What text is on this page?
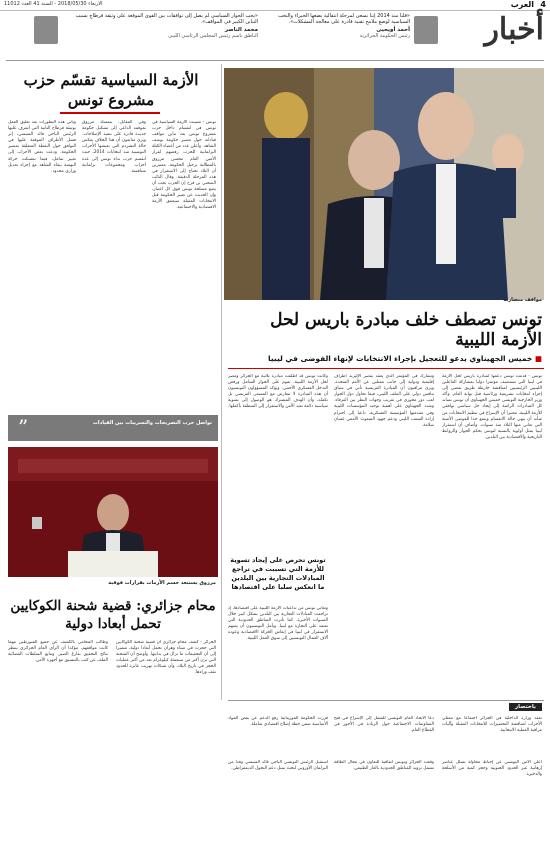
4
العرب
الاربعاء 2018/05/30 - السنة 41 العدد 11012
أخبار
«قلنا منذ 2014 إننا نسعى لمرحلة انتقالية يضعها الخبراء والنخب السياسية لوضع ملامح تقنية قادرة على معالجة المشكلات».
أحمد أويحيى
رئيس الحكومة الجزائرية
«يجب الحوار السياسي لم يصل إلى توافقات بين القوى الموقعة على وثيقة قرطاج بسبب التباين الكبير في المواقف».
محمد الناصر
الناطق باسم رئيس المجلس الرئاسي الليبي
مواقف متضاربة
تونس تصطف خلف مبادرة باريس لحل الأزمة الليبية
■ خميس الجهيناوي يدعو للتعجيل بإجراء الانتخابات لإنهاء الفوضى في ليبيا
تونس - قدمت تونس دعمها لمبادرة باريس لحل الأزمة في ليبيا التي تستضيف مؤتمرا دوليا بمشاركة الفاعلين الليبيين الرئيسيين لمناقشة خارطة طريق تفضي إلى إجراء انتخابات تشريعية ورئاسية قبل نهاية العام. وأكد وزير الخارجية التونسي خميس الجهيناوي أن تونس تساند كل المبادرات الرامية إلى إيجاد حل سياسي توافقي للأزمة الليبية، معتبرا أن الإسراع في تنظيم الانتخابات من شأنه أن ينهي حالة الانقسام ويضع حدا للفوضى الأمنية التي تعاني منها البلاد منذ سنوات. وأضاف أن استقرار ليبيا يمثل أولوية بالنسبة لتونس بحكم الجوار والروابط التاريخية والاقتصادية بين البلدين.
وتشارك في المؤتمر الذي يعقد بقصر الإليزيه أطراف إقليمية ودولية إلى جانب ممثلين عن الأمم المتحدة. ويرى مراقبون أن المبادرة الفرنسية تأتي في سياق تنافس دولي على الملف الليبي، فيما تحاول دول الجوار لعب دور محوري في تقريب وجهات النظر بين الفرقاء. وشدد الجهيناوي على أهمية توحيد المؤسسات الليبية وفي مقدمتها المؤسسة العسكرية، داعيا إلى احترام إرادة الشعب الليبي ودعم جهود المبعوث الأممي غسان سلامة.
وكانت تونس قد أطلقت مبادرة ثلاثية مع الجزائر ومصر لحل الأزمة الليبية، تقوم على الحوار الشامل ورفض التدخل العسكري الأجنبي. ويؤكد المسؤولون التونسيون أن هذه المبادرة لا تتعارض مع المسعى الفرنسي بل تكمله، وأن الهدف المشترك هو الوصول إلى تسوية سياسية دائمة تعيد الأمن والاستقرار إلى المنطقة بأكملها.
تونس تحرص على إيجاد تسوية للأزمة التي تسببت في تراجع المبادلات التجارية بين البلدين ما انعكس سلبا على اقتصادها
وتعاني تونس من تداعيات الأزمة الليبية على اقتصادها، إذ تراجعت المبادلات التجارية بين البلدين بشكل كبير خلال السنوات الأخيرة، كما تأثرت المناطق الحدودية التي تعتمد على التجارة مع ليبيا. ويأمل التونسيون أن يسهم الاستقرار في ليبيا في إنعاش الحركة الاقتصادية وعودة آلاف العمال التونسيين إلى سوق العمل الليبية.
الأزمة السياسية تقسّم حزب مشروع تونس
تونس - تسببت الأزمة السياسية في تونس في انقسام داخل حزب مشروع تونس بعد تباين مواقف قياداته حول مصير حكومة يوسف الشاهد. وأعلن عدد من أعضاء الكتلة البرلمانية للحزب رفضهم لقرار الأمين العام محسن مرزوق بالمطالبة برحيل الحكومة، معتبرين أن البلاد تحتاج إلى الاستقرار في هذه المرحلة الدقيقة. وقال النائب الصحبي بن فرج إن الحزب يجب أن يضع مصلحة تونس فوق كل اعتبار، وإن الحديث عن تغيير الحكومة قبل الانتخابات المقبلة سيعمق الأزمة الاقتصادية والاجتماعية.
وفي المقابل، يتمسك مرزوق بموقفه الداعي إلى تشكيل حكومة جديدة قادرة على تنفيذ الإصلاحات. ويرى متابعون أن هذا الخلاف يعكس حالة التشرذم التي تعيشها الأحزاب التونسية منذ انتخابات 2014، حيث انقسم حزب نداء تونس إلى عدة أحزاب ومجموعات برلمانية متنافسة.
وتأتي هذه التطورات بعد تعليق العمل بوثيقة قرطاج الثانية التي أشرف عليها الرئيس الباجي قائد السبسي، إثر فشل الأطراف الموقعة عليها في التوافق حول النقطة المتعلقة بمصير الحكومة. ودعت بعض الأحزاب إلى تغيير شامل، فيما تمسكت حركة النهضة ببقاء الشاهد مع إجراء تعديل وزاري محدود.
”	تواصل حرب التصريحات والتسريبات بين القيادات
مرزوق يستبعد حسم الأزمات بقرارات فوقية
محام جزائري: قضية شحنة الكوكايين تحمل أبعادا دولية
الجزائر - كشف محام جزائري أن قضية شحنة الكوكايين التي حجزت في ميناء وهران تحمل أبعادا دولية، مشيرا إلى أن التحقيقات ما تزال في بدايتها. وأوضح أن الشحنة التي تزن أكثر من سبعمئة كيلوغرام تعد من أكبر عمليات الحجز في تاريخ البلاد، وأن شبكات تهريب عابرة للحدود تقف وراءها.
وطالب المحامي بالكشف عن جميع المتورطين مهما كانت مواقعهم، مؤكدا أن الرأي العام الجزائري ينتظر نتائج التحقيق بفارغ الصبر. وتتابع السلطات القضائية الملف عن كثب بالتنسيق مع أجهزة الأمن.
باختصار
تعقد وزارة الداخلية في الجزائر اجتماعا مع ممثلي الأحزاب لمناقشة التحضيرات للانتخابات المقبلة وآليات مراقبة العملية الانتخابية.
أعلن الأمن التونسي عن إحباط محاولة تسلل عناصر إرهابية عبر الحدود الجنوبية وحجز كمية من الأسلحة والذخيرة.
دعا الاتحاد العام التونسي للشغل إلى الإسراع في فتح المفاوضات الاجتماعية حول الزيادة في الأجور في القطاع العام.
وقعت الجزائر وتونس اتفاقية للتعاون في مجال الطاقة تشمل تزويد المناطق الحدودية بالغاز الطبيعي.
قررت الحكومة الموريتانية رفع الدعم عن بعض المواد الأساسية ضمن خطة إصلاح اقتصادي شاملة.
استقبل الرئيس التونسي الباجي قائد السبسي وفدا من البرلمان الأوروبي لبحث سبل دعم التحول الديمقراطي.
